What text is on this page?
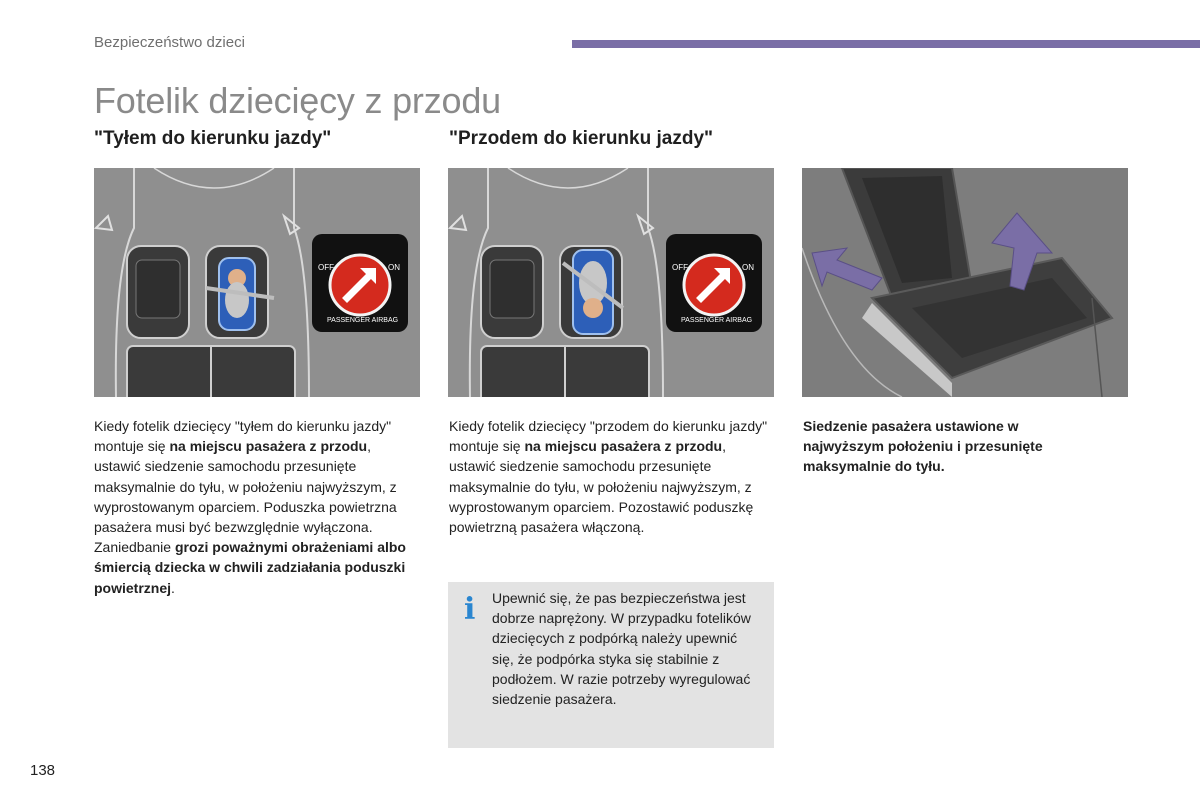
Bezpieczeństwo dzieci
Fotelik dziecięcy z przodu
"Tyłem do kierunku jazdy"	"Przodem do kierunku jazdy"
OFF	ON
PASSENGER AIRBAG
OFF	ON
PASSENGER AIRBAG

Kiedy fotelik dziecięcy "tyłem do kierunku jazdy" montuje się na miejscu pasażera z przodu, ustawić siedzenie samochodu przesunięte maksymalnie do tyłu, w położeniu najwyższym, z wyprostowanym oparciem. Poduszka powietrzna pasażera musi być bezwzględnie wyłączona. Zaniedbanie grozi poważnymi obrażeniami albo śmiercią dziecka w chwili zadziałania poduszki powietrznej.

Kiedy fotelik dziecięcy "przodem do kierunku jazdy" montuje się na miejscu pasażera z przodu, ustawić siedzenie samochodu przesunięte maksymalnie do tyłu, w położeniu najwyższym, z wyprostowanym oparciem. Pozostawić poduszkę powietrzną pasażera włączoną.

Siedzenie pasażera ustawione w najwyższym położeniu i przesunięte maksymalnie do tyłu.
i Upewnić się, że pas bezpieczeństwa jest dobrze naprężony. W przypadku fotelików dziecięcych z podpórką należy upewnić się, że podpórka styka się stabilnie z podłożem. W razie potrzeby wyregulować siedzenie pasażera.
138
